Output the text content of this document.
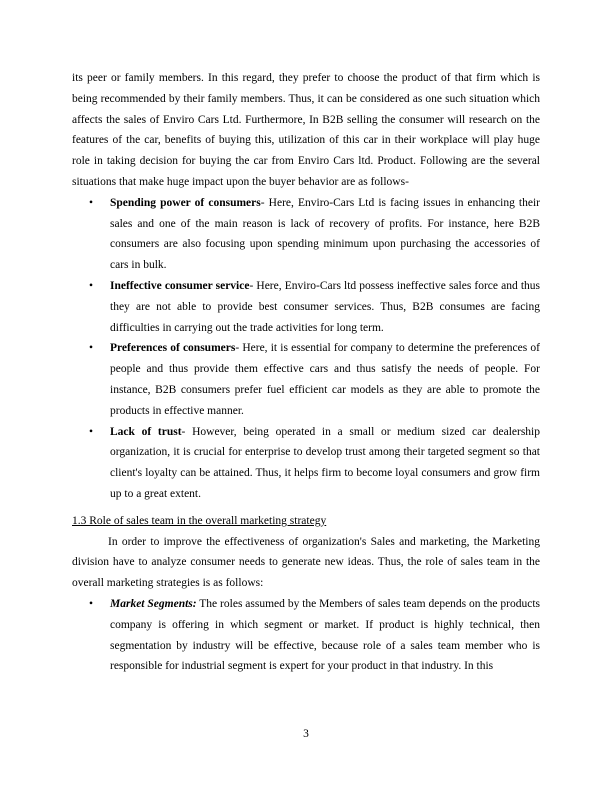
its peer or family members. In this regard, they prefer to choose the product of that firm which is being recommended by their family members. Thus, it can be considered as one such situation which affects the sales of Enviro Cars Ltd. Furthermore, In B2B selling the consumer will research on the features of the car, benefits of buying this, utilization of this car in their workplace will play huge role in taking decision for buying the car from Enviro Cars ltd. Product. Following are the several situations that make huge impact upon the buyer behavior are as follows-

• Spending power of consumers- Here, Enviro-Cars Ltd is facing issues in enhancing their sales and one of the main reason is lack of recovery of profits. For instance, here B2B consumers are also focusing upon spending minimum upon purchasing the accessories of cars in bulk.
• Ineffective consumer service- Here, Enviro-Cars ltd possess ineffective sales force and thus they are not able to provide best consumer services. Thus, B2B consumes are facing difficulties in carrying out the trade activities for long term.
• Preferences of consumers- Here, it is essential for company to determine the preferences of people and thus provide them effective cars and thus satisfy the needs of people. For instance, B2B consumers prefer fuel efficient car models as they are able to promote the products in effective manner.
• Lack of trust- However, being operated in a small or medium sized car dealership organization, it is crucial for enterprise to develop trust among their targeted segment so that client's loyalty can be attained. Thus, it helps firm to become loyal consumers and grow firm up to a great extent.

1.3 Role of sales team in the overall marketing strategy

In order to improve the effectiveness of organization's Sales and marketing, the Marketing division have to analyze consumer needs to generate new ideas. Thus, the role of sales team in the overall marketing strategies is as follows:

• Market Segments: The roles assumed by the Members of sales team depends on the products company is offering in which segment or market. If product is highly technical, then segmentation by industry will be effective, because role of a sales team member who is responsible for industrial segment is expert for your product in that industry. In this
3
